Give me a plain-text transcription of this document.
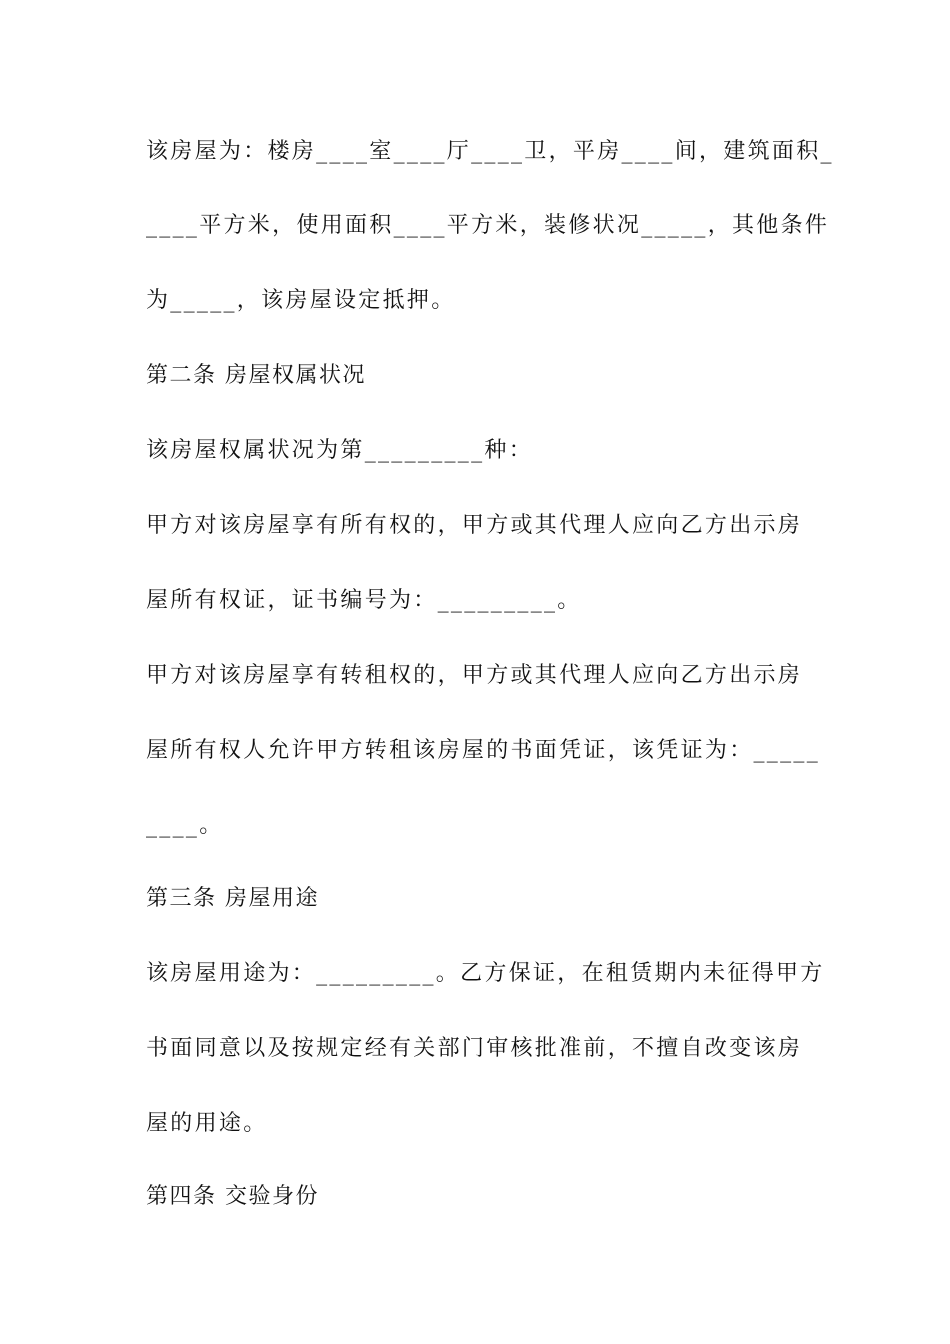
该房屋为：楼房____室____厅____卫，平房____间，建筑面积_
____平方米，使用面积____平方米，装修状况_____，其他条件
为_____，该房屋设定抵押。
第二条 房屋权属状况
该房屋权属状况为第_________种：
甲方对该房屋享有所有权的，甲方或其代理人应向乙方出示房
屋所有权证，证书编号为：_________。
甲方对该房屋享有转租权的，甲方或其代理人应向乙方出示房
屋所有权人允许甲方转租该房屋的书面凭证，该凭证为：_____
____。
第三条 房屋用途
该房屋用途为：_________。乙方保证，在租赁期内未征得甲方
书面同意以及按规定经有关部门审核批准前，不擅自改变该房
屋的用途。
第四条 交验身份
